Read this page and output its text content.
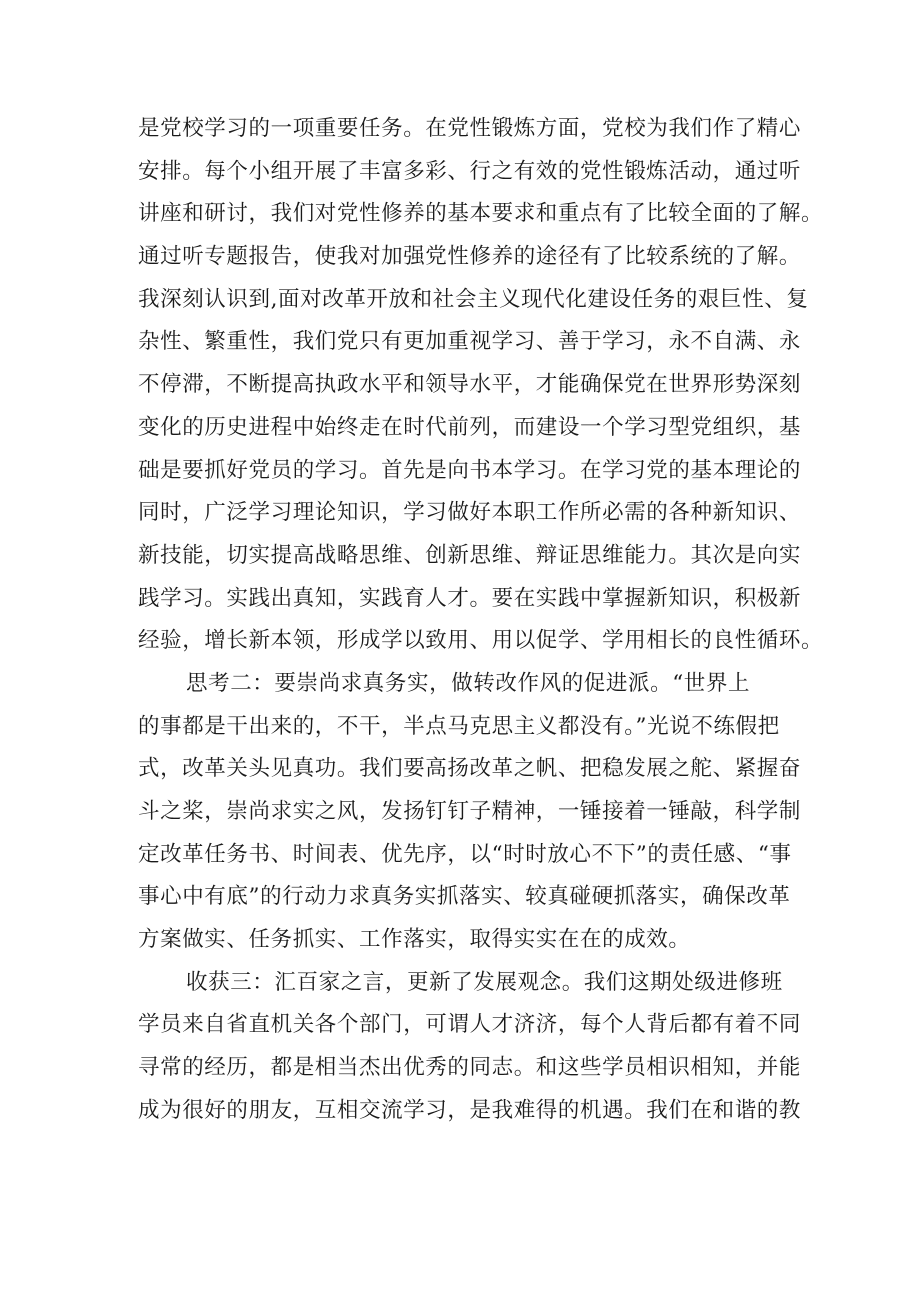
是党校学习的一项重要任务。在党性锻炼方面，党校为我们作了精心
安排。每个小组开展了丰富多彩、行之有效的党性锻炼活动，通过听
讲座和研讨，我们对党性修养的基本要求和重点有了比较全面的了解。
通过听专题报告，使我对加强党性修养的途径有了比较系统的了解。
我深刻认识到,面对改革开放和社会主义现代化建设任务的艰巨性、复
杂性、繁重性，我们党只有更加重视学习、善于学习，永不自满、永
不停滞，不断提高执政水平和领导水平，才能确保党在世界形势深刻
变化的历史进程中始终走在时代前列，而建设一个学习型党组织，基
础是要抓好党员的学习。首先是向书本学习。在学习党的基本理论的
同时，广泛学习理论知识，学习做好本职工作所必需的各种新知识、
新技能，切实提高战略思维、创新思维、辩证思维能力。其次是向实
践学习。实践出真知，实践育人才。要在实践中掌握新知识，积极新
经验，增长新本领，形成学以致用、用以促学、学用相长的良性循环。
思考二：要崇尚求真务实，做转改作风的促进派。“世界上
的事都是干出来的，不干，半点马克思主义都没有。”光说不练假把
式，改革关头见真功。我们要高扬改革之帆、把稳发展之舵、紧握奋
斗之桨，崇尚求实之风，发扬钉钉子精神，一锤接着一锤敲，科学制
定改革任务书、时间表、优先序，以“时时放心不下”的责任感、“事
事心中有底”的行动力求真务实抓落实、较真碰硬抓落实，确保改革
方案做实、任务抓实、工作落实，取得实实在在的成效。
收获三：汇百家之言，更新了发展观念。我们这期处级进修班
学员来自省直机关各个部门，可谓人才济济，每个人背后都有着不同
寻常的经历，都是相当杰出优秀的同志。和这些学员相识相知，并能
成为很好的朋友，互相交流学习，是我难得的机遇。我们在和谐的教
